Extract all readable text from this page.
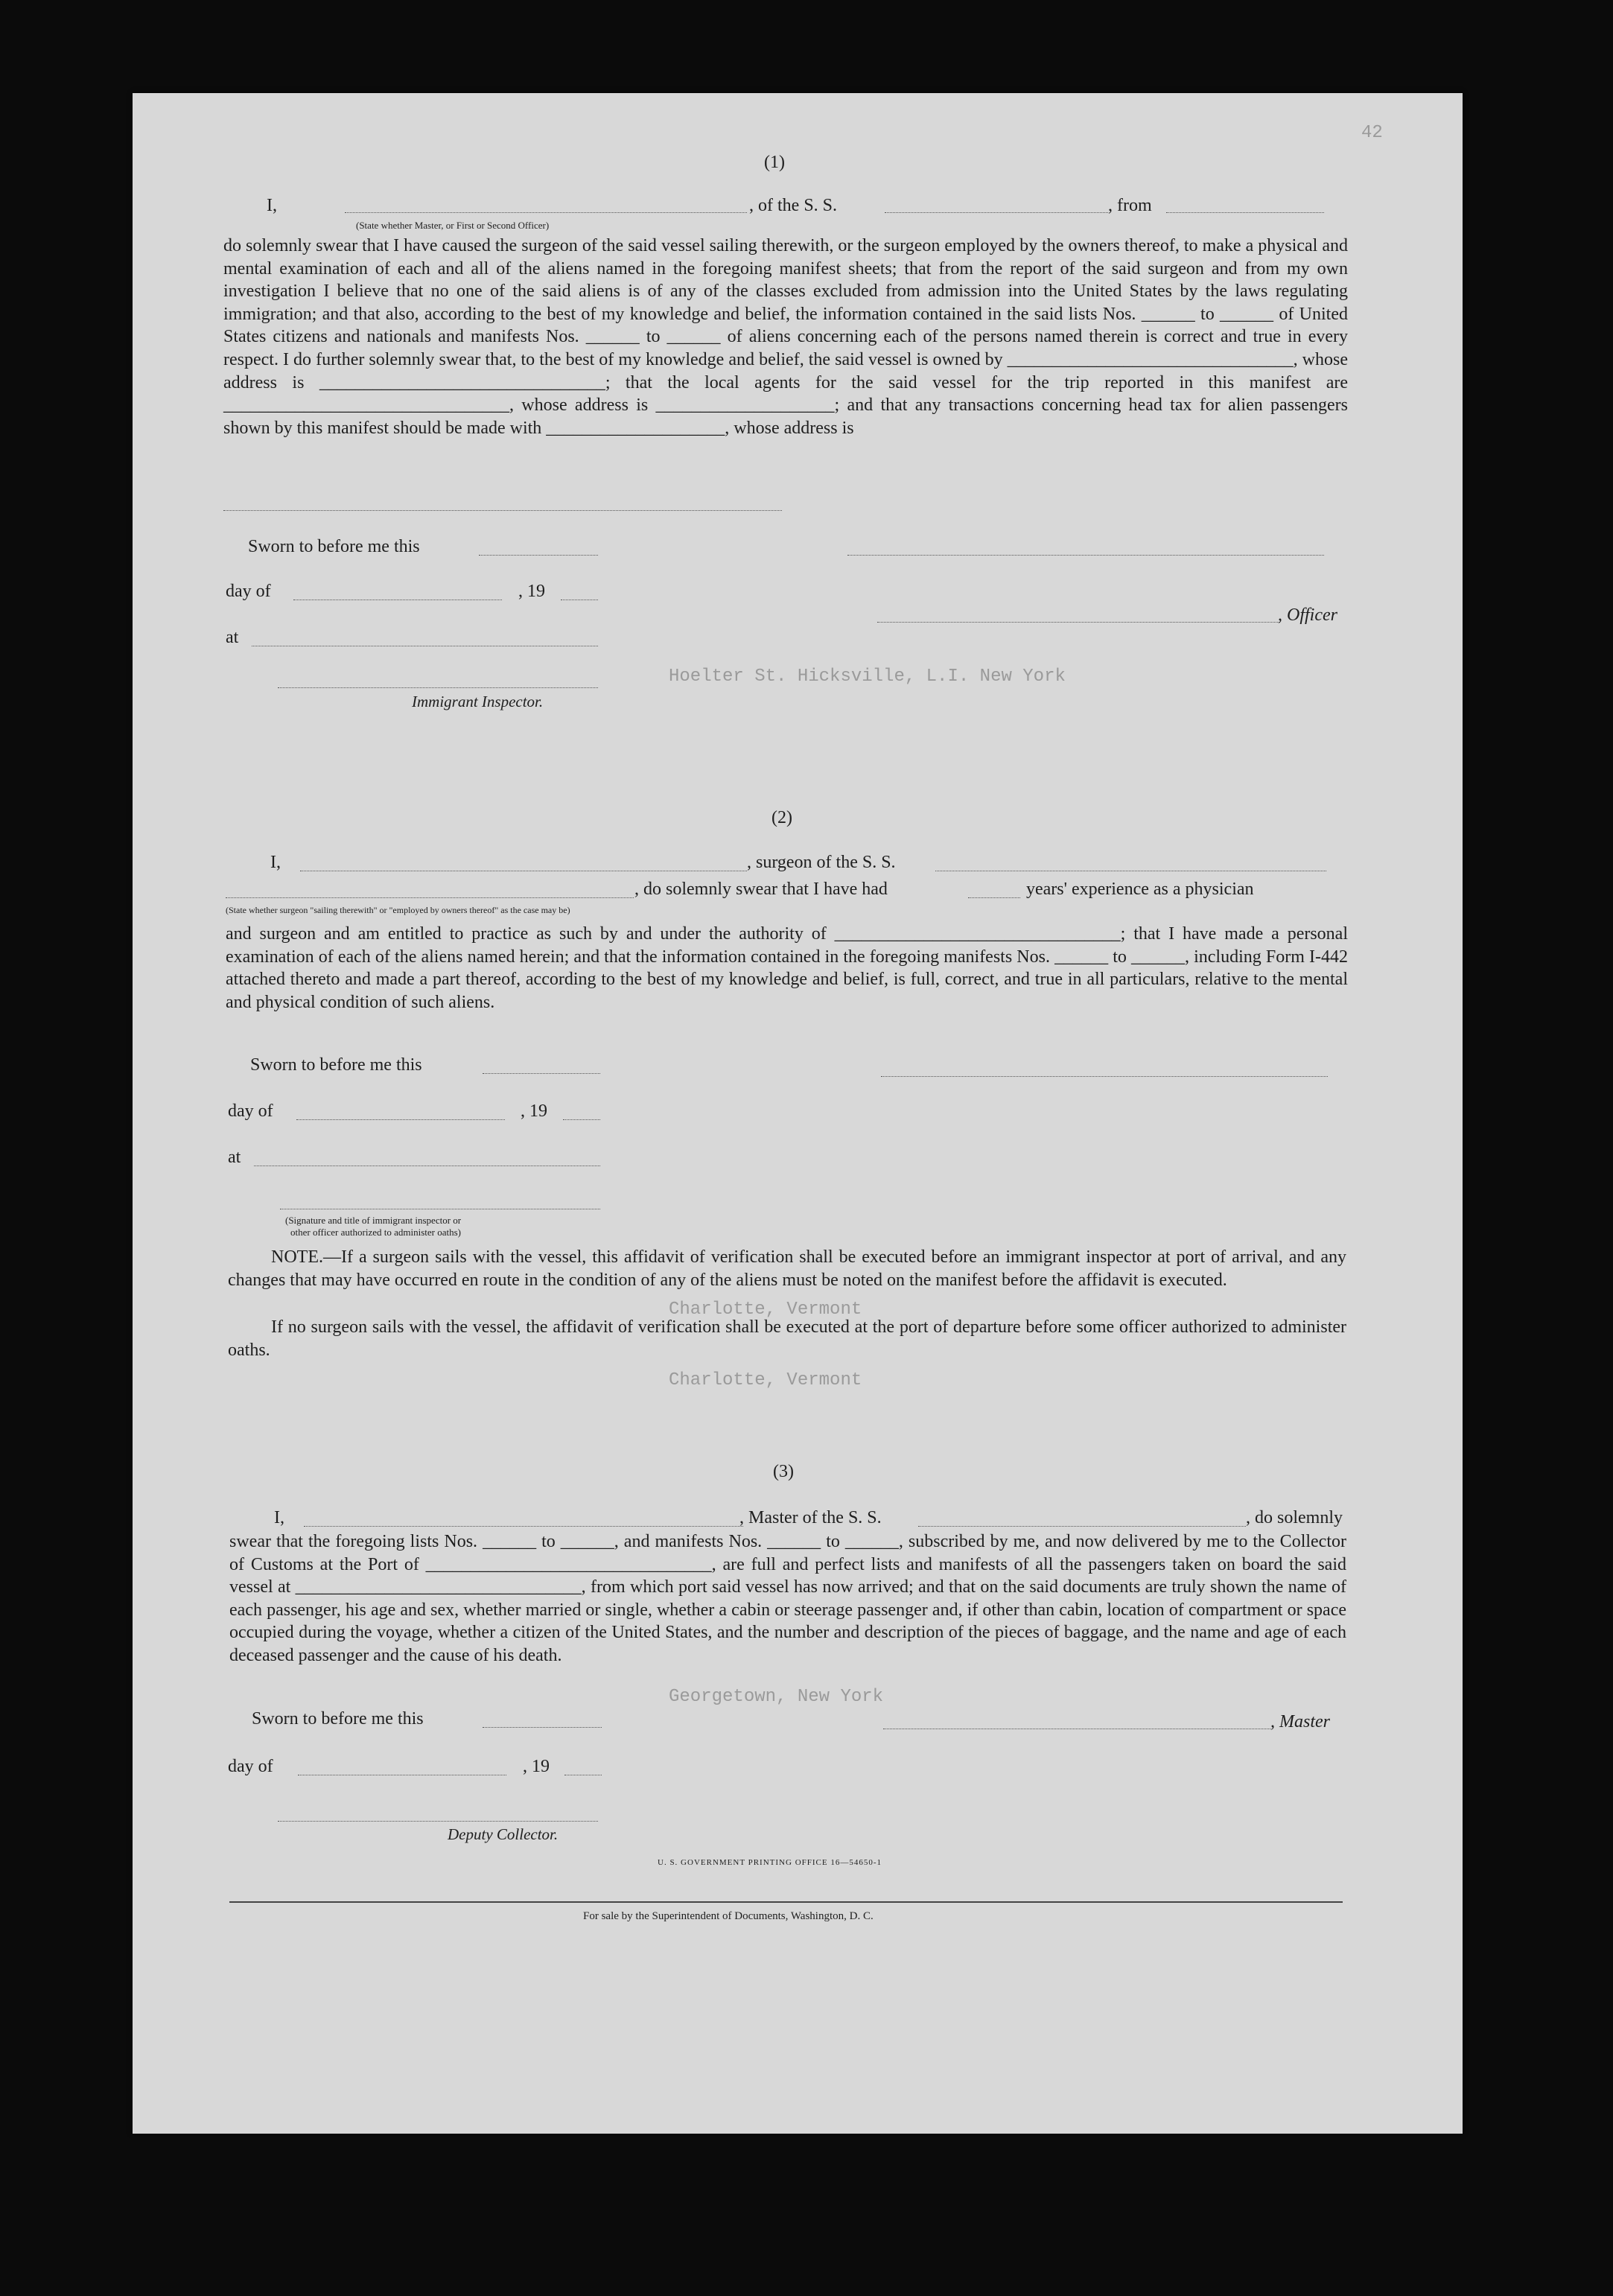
42
Hoelter St. Hicksville, L.I. New York
Charlotte, Vermont
Charlotte, Vermont
Georgetown, New York
(1)
I,	, of the S. S.	, from
(State whether Master, or First or Second Officer)
do solemnly swear that I have caused the surgeon of the said vessel sailing therewith, or the surgeon employed by the owners thereof, to make a physical and mental examination of each and all of the aliens named in the foregoing manifest sheets; that from the report of the said surgeon and from my own investigation I believe that no one of the said aliens is of any of the classes excluded from admission into the United States by the laws regulating immigration; and that also, according to the best of my knowledge and belief, the information contained in the said lists Nos. ______ to ______ of United States citizens and nationals and manifests Nos. ______ to ______ of aliens concerning each of the persons named therein is correct and true in every respect. I do further solemnly swear that, to the best of my knowledge and belief, the said vessel is owned by ________________________________, whose address is ________________________________; that the local agents for the said vessel for the trip reported in this manifest are ________________________________, whose address is ____________________; and that any transactions concerning head tax for alien passengers shown by this manifest should be made with ____________________, whose address is
Sworn to before me this
day of	, 19
, Officer
at
Immigrant Inspector.
(2)
I,	, surgeon of the S. S.
, do solemnly swear that I have had	years' experience as a physician
(State whether surgeon "sailing therewith" or "employed by owners thereof" as the case may be)
and surgeon and am entitled to practice as such by and under the authority of ________________________________; that I have made a personal examination of each of the aliens named herein; and that the information contained in the foregoing manifests Nos. ______ to ______, including Form I-442 attached thereto and made a part thereof, according to the best of my knowledge and belief, is full, correct, and true in all particulars, relative to the mental and physical condition of such aliens.
Sworn to before me this
day of	, 19
at
(Signature and title of immigrant inspector or
other officer authorized to administer oaths)
NOTE.—If a surgeon sails with the vessel, this affidavit of verification shall be executed before an immigrant inspector at port of arrival, and any changes that may have occurred en route in the condition of any of the aliens must be noted on the manifest before the affidavit is executed.
If no surgeon sails with the vessel, the affidavit of verification shall be executed at the port of departure before some officer authorized to administer oaths.
(3)
I,	, Master of the S. S.	, do solemnly
swear that the foregoing lists Nos. ______ to ______, and manifests Nos. ______ to ______, subscribed by me, and now delivered by me to the Collector of Customs at the Port of ________________________________, are full and perfect lists and manifests of all the passengers taken on board the said vessel at ________________________________, from which port said vessel has now arrived; and that on the said documents are truly shown the name of each passenger, his age and sex, whether married or single, whether a cabin or steerage passenger and, if other than cabin, location of compartment or space occupied during the voyage, whether a citizen of the United States, and the number and description of the pieces of baggage, and the name and age of each deceased passenger and the cause of his death.
Sworn to before me this	, Master
day of	, 19
Deputy Collector.
U. S. GOVERNMENT PRINTING OFFICE 16—54650-1
For sale by the Superintendent of Documents, Washington, D. C.
